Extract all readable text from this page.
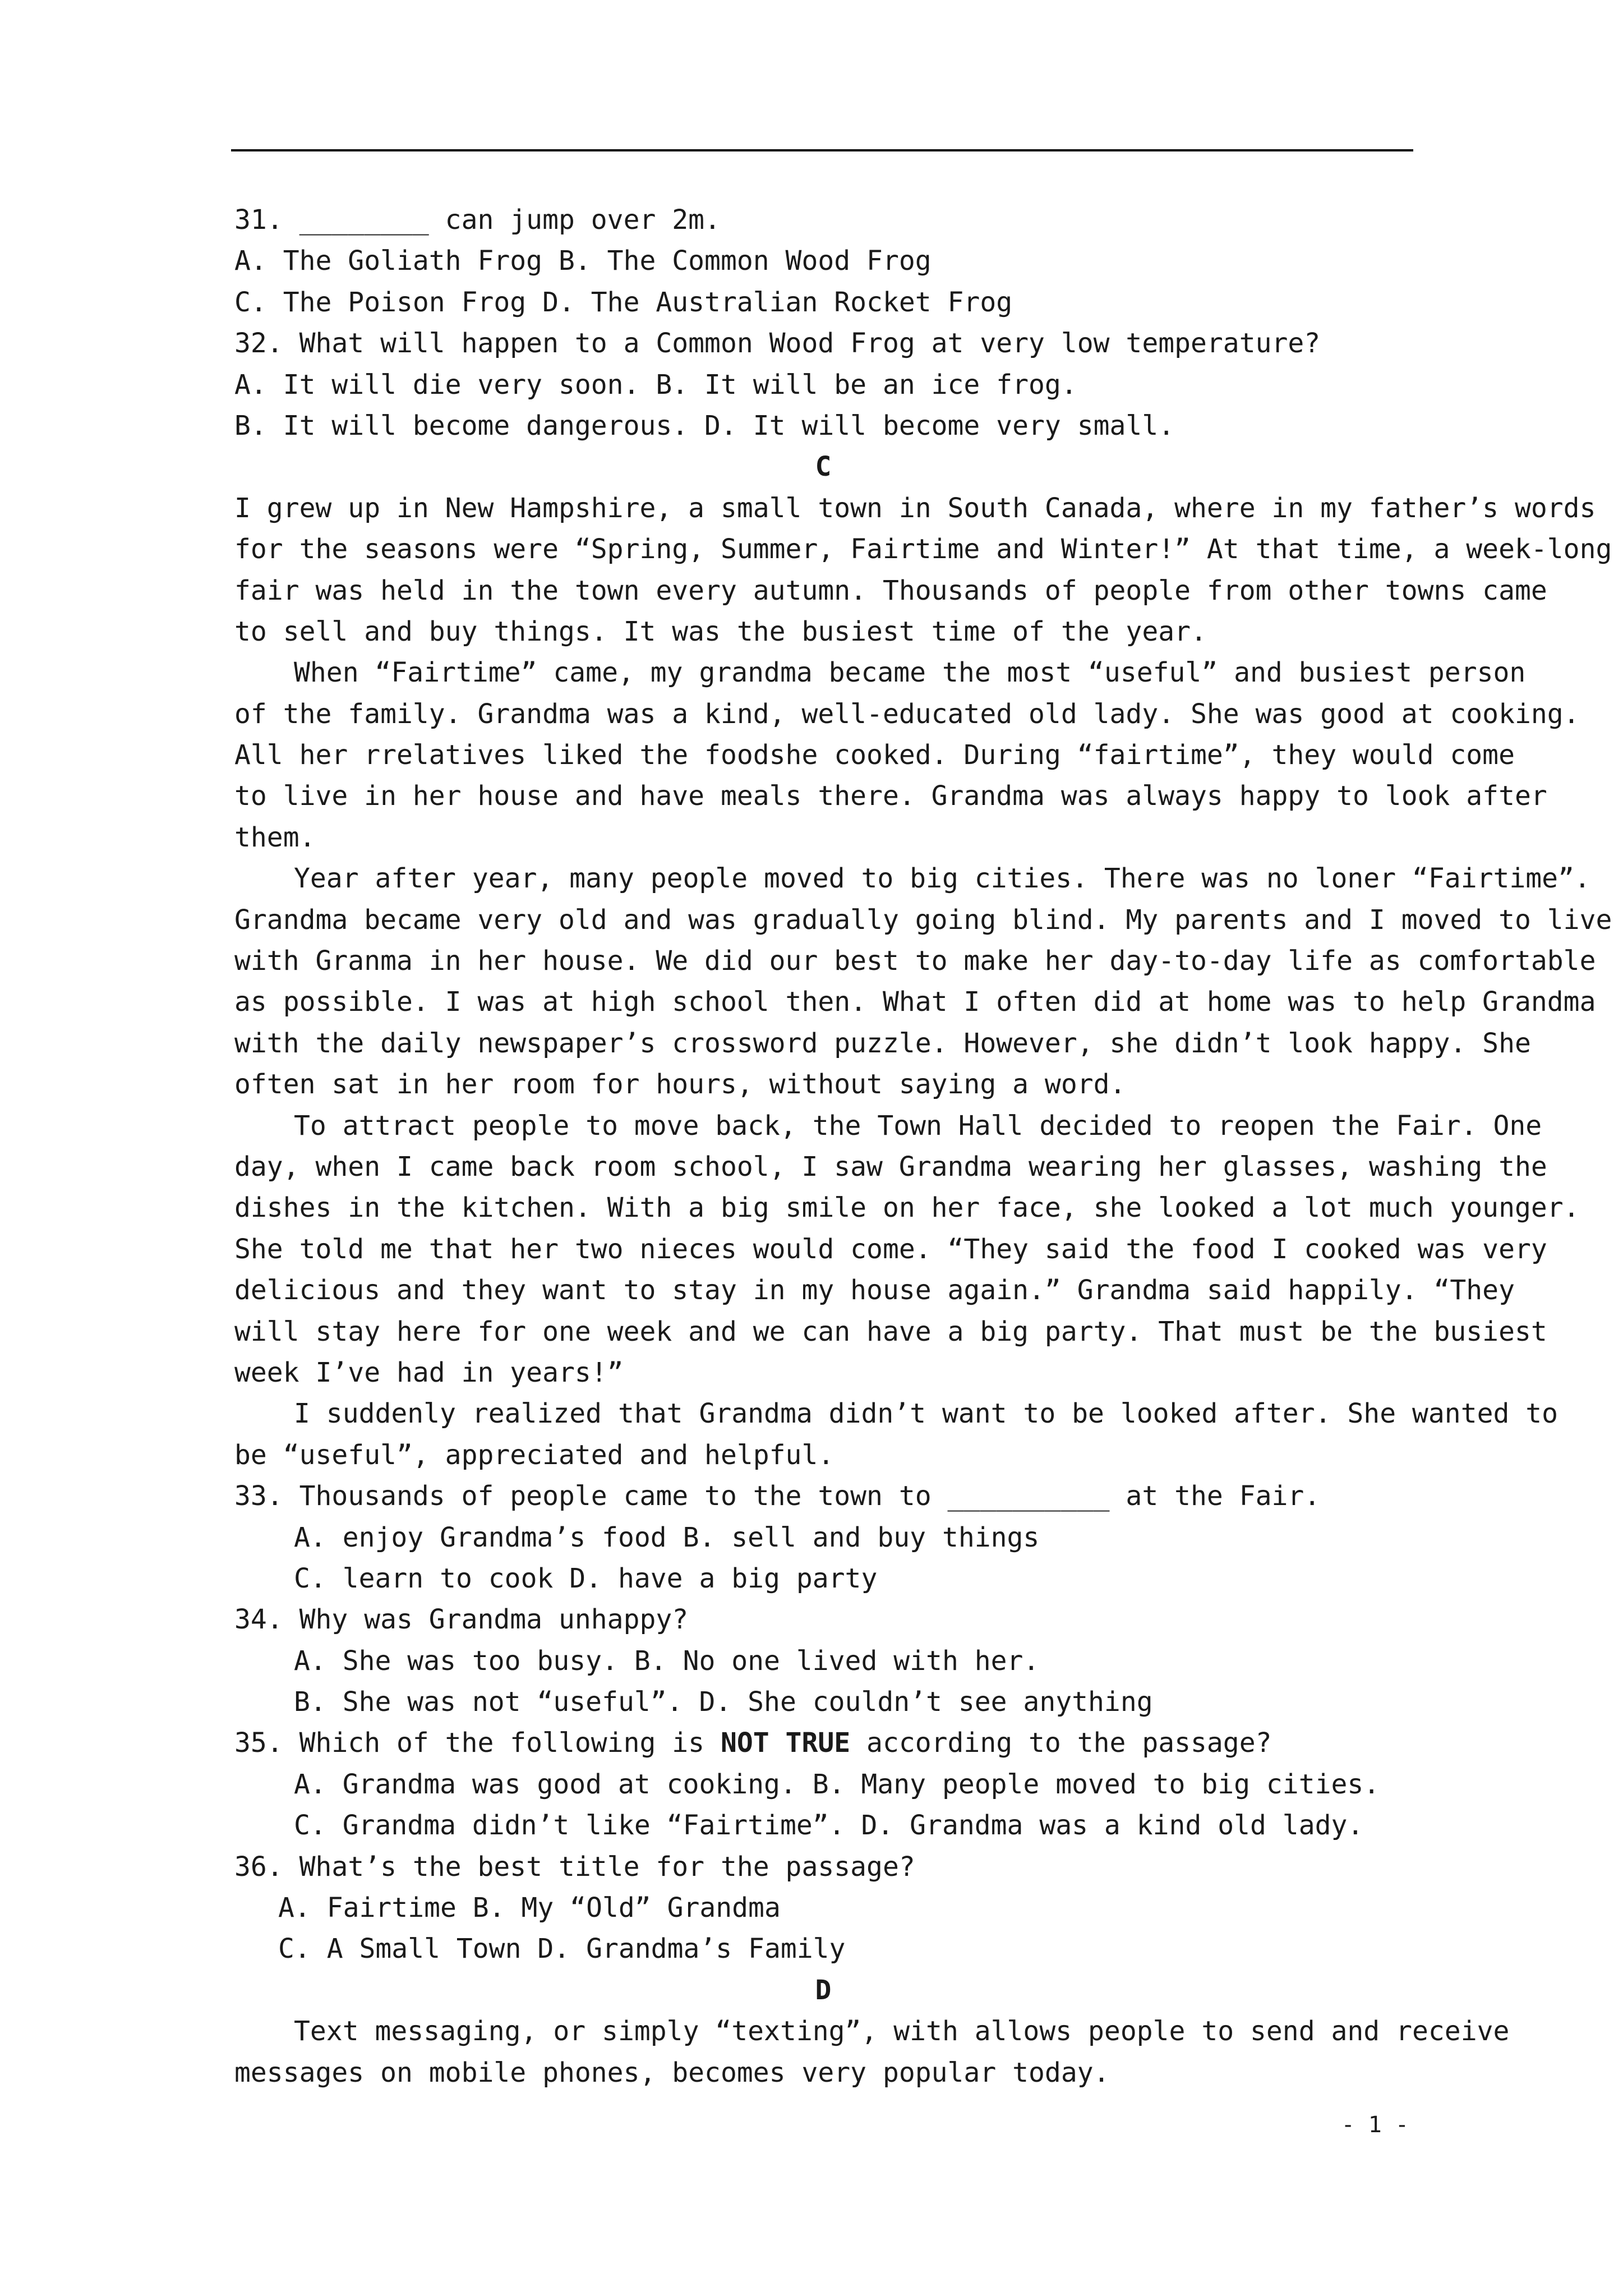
31. ________ can jump over 2m.
A. The Goliath Frog B. The Common Wood Frog
C. The Poison Frog D. The Australian Rocket Frog
32. What will happen to a Common Wood Frog at very low temperature?
A. It will die very soon. B. It will be an ice frog.
B. It will become dangerous. D. It will become very small.
C
I grew up in New Hampshire, a small town in South Canada, where in my father’s words
for the seasons were “Spring, Summer, Fairtime and Winter!” At that time, a week-long
fair was held in the town every autumn. Thousands of people from other towns came
to sell and buy things. It was the busiest time of the year.
When “Fairtime” came, my grandma became the most “useful” and busiest person
of the family. Grandma was a kind, well-educated old lady. She was good at cooking.
All her rrelatives liked the foodshe cooked. During “fairtime”, they would come
to live in her house and have meals there. Grandma was always happy to look after
them.
Year after year, many people moved to big cities. There was no loner “Fairtime”.
Grandma became very old and was gradually going blind. My parents and I moved to live
with Granma in her house. We did our best to make her day-to-day life as comfortable
as possible. I was at high school then. What I often did at home was to help Grandma
with the daily newspaper’s crossword puzzle. However, she didn’t look happy. She
often sat in her room for hours, without saying a word.
To attract people to move back, the Town Hall decided to reopen the Fair. One
day, when I came back room school, I saw Grandma wearing her glasses, washing the
dishes in the kitchen. With a big smile on her face, she looked a lot much younger.
She told me that her two nieces would come. “They said the food I cooked was very
delicious and they want to stay in my house again.” Grandma said happily. “They
will stay here for one week and we can have a big party. That must be the busiest
week I’ve had in years!”
I suddenly realized that Grandma didn’t want to be looked after. She wanted to
be “useful”, appreciated and helpful.
33. Thousands of people came to the town to __________ at the Fair.
A. enjoy Grandma’s food B. sell and buy things
C. learn to cook D. have a big party
34. Why was Grandma unhappy?
A. She was too busy. B. No one lived with her.
B. She was not “useful”. D. She couldn’t see anything
35. Which of the following is NOT TRUE according to the passage?
A. Grandma was good at cooking. B. Many people moved to big cities.
C. Grandma didn’t like “Fairtime”. D. Grandma was a kind old lady.
36. What’s the best title for the passage?
A. Fairtime B. My “Old” Grandma
C. A Small Town D. Grandma’s Family
D
Text messaging, or simply “texting”, with allows people to send and receive
messages on mobile phones, becomes very popular today.
- 1 -
